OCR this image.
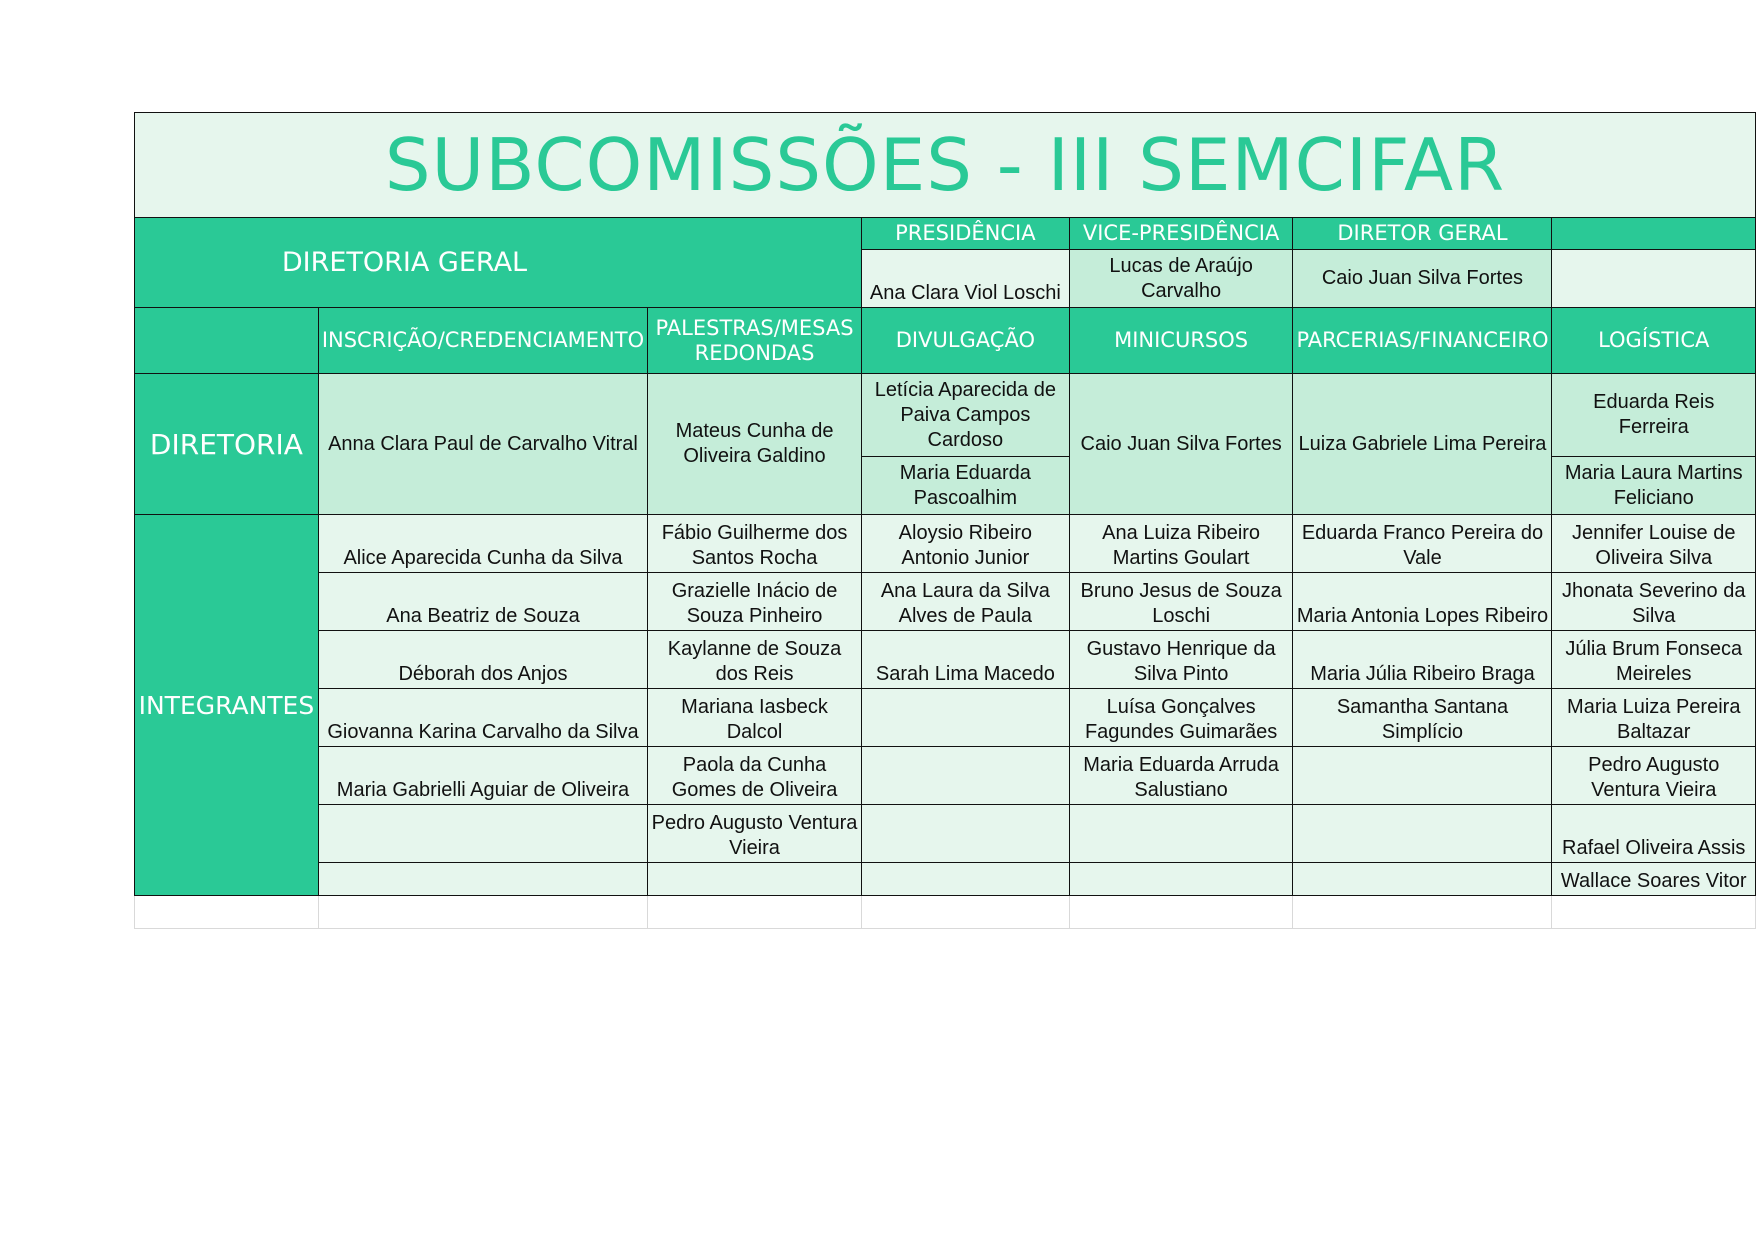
SUBCOMISSÕES - III SEMCIFAR						
DIRETORIA GERAL			PRESIDÊNCIA	VICE-PRESIDÊNCIA	DIRETOR GERAL	
			Ana Clara Viol Loschi	Lucas de Araújo Carvalho	Caio Juan Silva Fortes	
	INSCRIÇÃO/CREDENCIAMENTO	PALESTRAS/MESAS REDONDAS	DIVULGAÇÃO	MINICURSOS	PARCERIAS/FINANCEIRO	LOGÍSTICA
DIRETORIA	Anna Clara Paul de Carvalho Vitral	Mateus Cunha de Oliveira Galdino	Letícia Aparecida de Paiva Campos Cardoso	Caio Juan Silva Fortes	Luiza Gabriele Lima Pereira	Eduarda Reis Ferreira
			Maria Eduarda Pascoalhim			Maria Laura Martins Feliciano
INTEGRANTES	Alice Aparecida Cunha da Silva	Fábio Guilherme dos Santos Rocha	Aloysio Ribeiro Antonio Junior	Ana Luiza Ribeiro Martins Goulart	Eduarda Franco Pereira do Vale	Jennifer Louise de Oliveira Silva
	Ana Beatriz de Souza	Grazielle Inácio de Souza Pinheiro	Ana Laura da Silva Alves de Paula	Bruno Jesus de Souza Loschi	Maria Antonia Lopes Ribeiro	Jhonata Severino da Silva
	Déborah dos Anjos	Kaylanne de Souza dos Reis	Sarah Lima Macedo	Gustavo Henrique da Silva Pinto	Maria Júlia Ribeiro Braga	Júlia Brum Fonseca Meireles
	Giovanna Karina Carvalho da Silva	Mariana Iasbeck Dalcol		Luísa Gonçalves Fagundes Guimarães	Samantha Santana Simplício	Maria Luiza Pereira Baltazar
	Maria Gabrielli Aguiar de Oliveira	Paola da Cunha Gomes de Oliveira		Maria Eduarda Arruda Salustiano		Pedro Augusto Ventura Vieira
		Pedro Augusto Ventura Vieira				Rafael Oliveira Assis
						Wallace Soares Vitor
